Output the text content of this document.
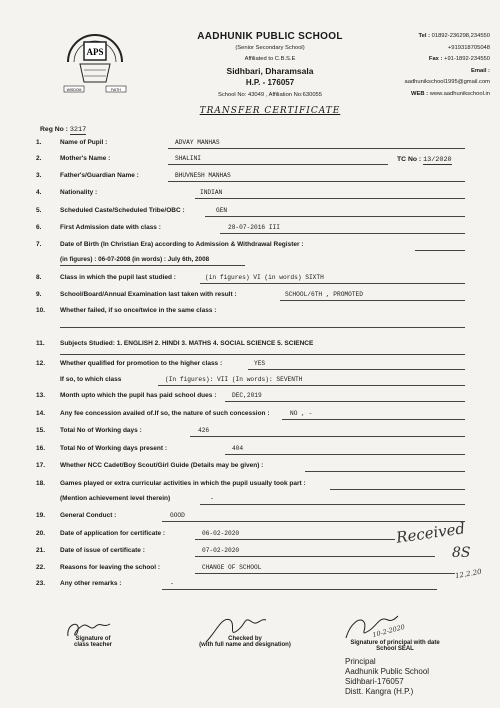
APS
WISDOM	FAITH
AADHUNIK PUBLIC SCHOOL
(Senior Secondary School)
Affiliated to C.B.S.E
Sidhbari, Dharamsala
H.P. - 176057
School No: 43049 , Affiliation No:630055
Tel : 01892-236298,234550
+919318705048
Fax : +91-1892-234550
Email :
aadhunikschool1995@gmail.com
WEB : www.aadhunikschool.in
TRANSFER CERTIFICATE
Reg No : 3217
TC No : 13/2020
1.	Name of Pupil :	ADVAY MANHAS
2.	Mother's Name :	SHALINI
3.	Father's/Guardian Name :	BHUVNESH MANHAS
4.	Nationality :	INDIAN
5.	Scheduled Caste/Scheduled Tribe/OBC :	GEN
6.	First Admission date with class :	28-07-2016 III
7.	Date of Birth (In Christian Era) according to Admission & Withdrawal Register :
(in figures) : 06-07-2008 (in words) : July 6th, 2008
8.	Class in which the pupil last studied :	(in figures) VI (in words) SIXTH
9.	School/Board/Annual Examination last taken with result :	SCHOOL/6TH , PROMOTED
10. Whether failed, if so once/twice in the same class :
11. Subjects Studied: 1. ENGLISH 2. HINDI 3. MATHS 4. SOCIAL SCIENCE 5. SCIENCE
12. Whether qualified for promotion to the higher class :	YES
If so, to which class	(In figures): VII (In words): SEVENTH
13. Month upto which the pupil has paid school dues :	DEC,2019
14. Any fee concession availed of.If so, the nature of such concession :	NO , -
15. Total No of Working days :	426
16. Total No of Working days present :	404
17. Whether NCC Cadet/Boy Scout/Girl Guide (Details may be given) :
18. Games played or extra curricular activities in which the pupil usually took part :
(Mention achievement level therein)	-
19. General Conduct :	GOOD
20. Date of application for certificate :	06-02-2020
21. Date of issue of certificate :	07-02-2020
22. Reasons for leaving the school :	CHANGE OF SCHOOL
23. Any other remarks :	-
Received
8S
12.2.20
10-2-2020
Signature of
class teacher
Checked by
(with full name and designation)	Signature of principal with date
School SEAL
Principal
Aadhunik Public School
Sidhbari-176057
Distt. Kangra (H.P.)
